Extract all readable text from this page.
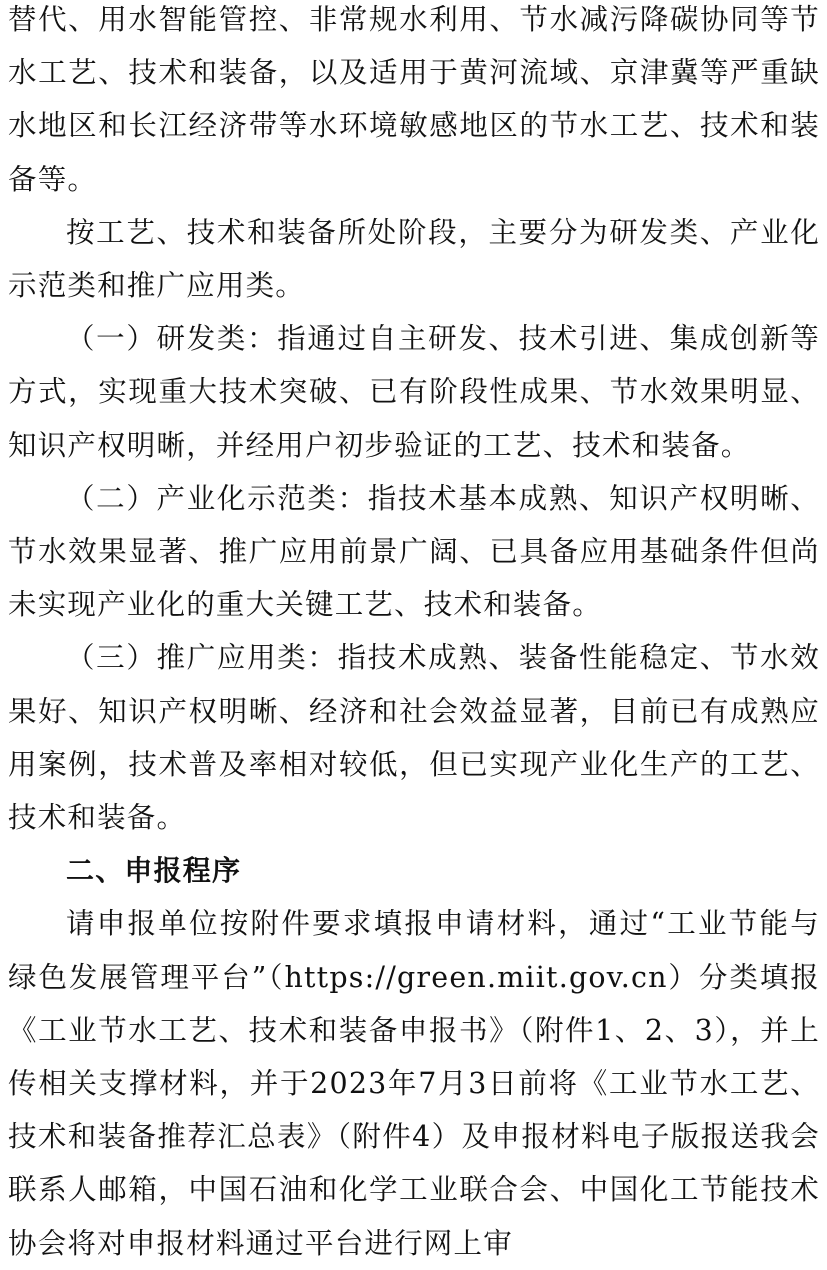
替代、用水智能管控、非常规水利用、节水减污降碳协同等节水工艺、技术和装备，以及适用于黄河流域、京津冀等严重缺水地区和长江经济带等水环境敏感地区的节水工艺、技术和装备等。

按工艺、技术和装备所处阶段，主要分为研发类、产业化示范类和推广应用类。

（一）研发类：指通过自主研发、技术引进、集成创新等方式，实现重大技术突破、已有阶段性成果、节水效果明显、知识产权明晰，并经用户初步验证的工艺、技术和装备。

（二）产业化示范类：指技术基本成熟、知识产权明晰、节水效果显著、推广应用前景广阔、已具备应用基础条件但尚未实现产业化的重大关键工艺、技术和装备。

（三）推广应用类：指技术成熟、装备性能稳定、节水效果好、知识产权明晰、经济和社会效益显著，目前已有成熟应用案例，技术普及率相对较低，但已实现产业化生产的工艺、技术和装备。

二、申报程序

请申报单位按附件要求填报申请材料，通过“工业节能与绿色发展管理平台”（https://green.miit.gov.cn）分类填报《工业节水工艺、技术和装备申报书》（附件1、2、3），并上传相关支撑材料，并于2023年7月3日前将《工业节水工艺、技术和装备推荐汇总表》（附件4）及申报材料电子版报送我会联系人邮箱，中国石油和化学工业联合会、中国化工节能技术协会将对申报材料通过平台进行网上审
